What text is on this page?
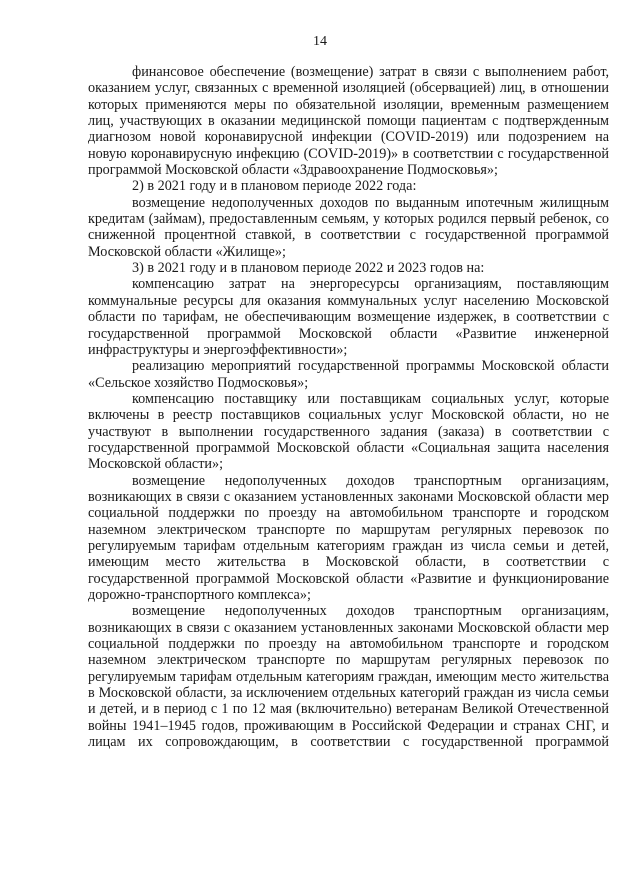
14

финансовое обеспечение (возмещение) затрат в связи с выполнением работ, оказанием услуг, связанных с временной изоляцией (обсервацией) лиц, в отношении которых применяются меры по обязательной изоляции, временным размещением лиц, участвующих в оказании медицинской помощи пациентам с подтвержденным диагнозом новой коронавирусной инфекции (COVID-2019) или подозрением на новую коронавирусную инфекцию (COVID-2019)» в соответствии с государственной программой Московской области «Здравоохранение Подмосковья»;

2) в 2021 году и в плановом периоде 2022 года:

возмещение недополученных доходов по выданным ипотечным жилищным кредитам (займам), предоставленным семьям, у которых родился первый ребенок, со сниженной процентной ставкой, в соответствии с государственной программой Московской области «Жилище»;

3) в 2021 году и в плановом периоде 2022 и 2023 годов на:

компенсацию затрат на энергоресурсы организациям, поставляющим коммунальные ресурсы для оказания коммунальных услуг населению Московской области по тарифам, не обеспечивающим возмещение издержек, в соответствии с государственной программой Московской области «Развитие инженерной инфраструктуры и энергоэффективности»;

реализацию мероприятий государственной программы Московской области «Сельское хозяйство Подмосковья»;

компенсацию поставщику или поставщикам социальных услуг, которые включены в реестр поставщиков социальных услуг Московской области, но не участвуют в выполнении государственного задания (заказа) в соответствии с государственной программой Московской области «Социальная защита населения Московской области»;

возмещение недополученных доходов транспортным организациям, возникающих в связи с оказанием установленных законами Московской области мер социальной поддержки по проезду на автомобильном транспорте и городском наземном электрическом транспорте по маршрутам регулярных перевозок по регулируемым тарифам отдельным категориям граждан из числа семьи и детей, имеющим место жительства в Московской области, в соответствии с государственной программой Московской области «Развитие и функционирование дорожно-транспортного комплекса»;

возмещение недополученных доходов транспортным организациям, возникающих в связи с оказанием установленных законами Московской области мер социальной поддержки по проезду на автомобильном транспорте и городском наземном электрическом транспорте по маршрутам регулярных перевозок по регулируемым тарифам отдельным категориям граждан, имеющим место жительства в Московской области, за исключением отдельных категорий граждан из числа семьи и детей, и в период с 1 по 12 мая (включительно) ветеранам Великой Отечественной войны 1941–1945 годов, проживающим в Российской Федерации и странах СНГ, и лицам их сопровождающим, в соответствии с государственной программой
